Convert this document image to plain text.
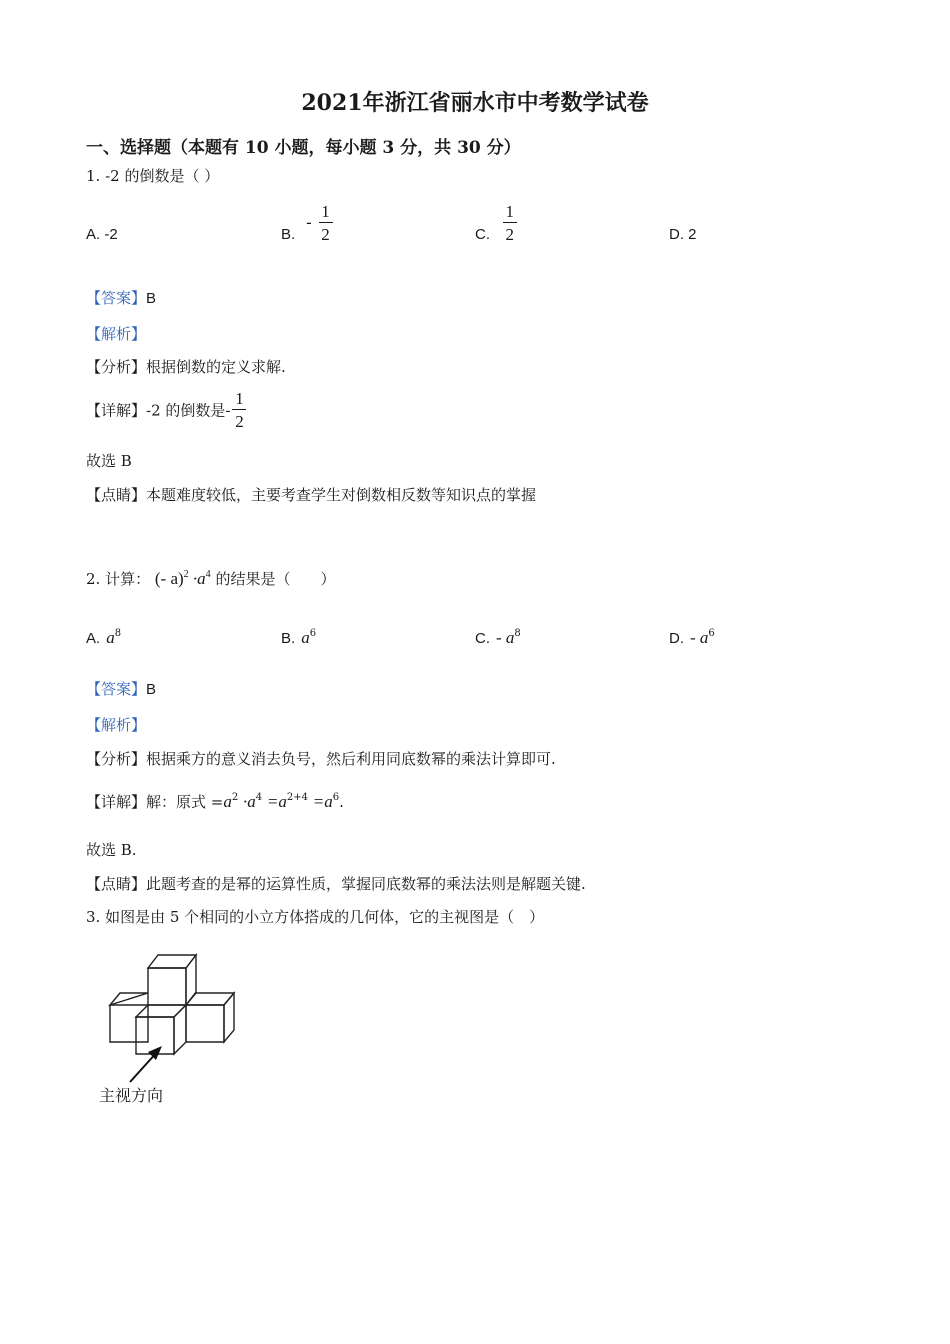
2021年浙江省丽水市中考数学试卷
一、选择题（本题有 10 小题，每小题 3 分，共 30 分）
1. -2 的倒数是（ ）
A. -2	B. - $\frac{1}{2}$	C. $\frac{1}{2}$	D. 2
【答案】B
【解析】
【分析】根据倒数的定义求解.
【详解】-2 的倒数是- $\frac{1}{2}$
故选 B
【点睛】本题难度较低，主要考查学生对倒数相反数等知识点的掌握
2. 计算： (- $a)^2 \cdot a^4$ 的结果是（　　）
A. $a^8$	B. $a^6$	C. - $a^8$	D. - $a^6$
【答案】B
【解析】
【分析】根据乘方的意义消去负号，然后利用同底数幂的乘法计算即可.
【详解】解：原式 $=a^2 \cdot a^4 =a^{2+4} =a^6$.
故选 B.
【点睛】此题考查的是幂的运算性质，掌握同底数幂的乘法法则是解题关键.
3. 如图是由 5 个相同的小立方体搭成的几何体，它的主视图是（　）
主视方向
